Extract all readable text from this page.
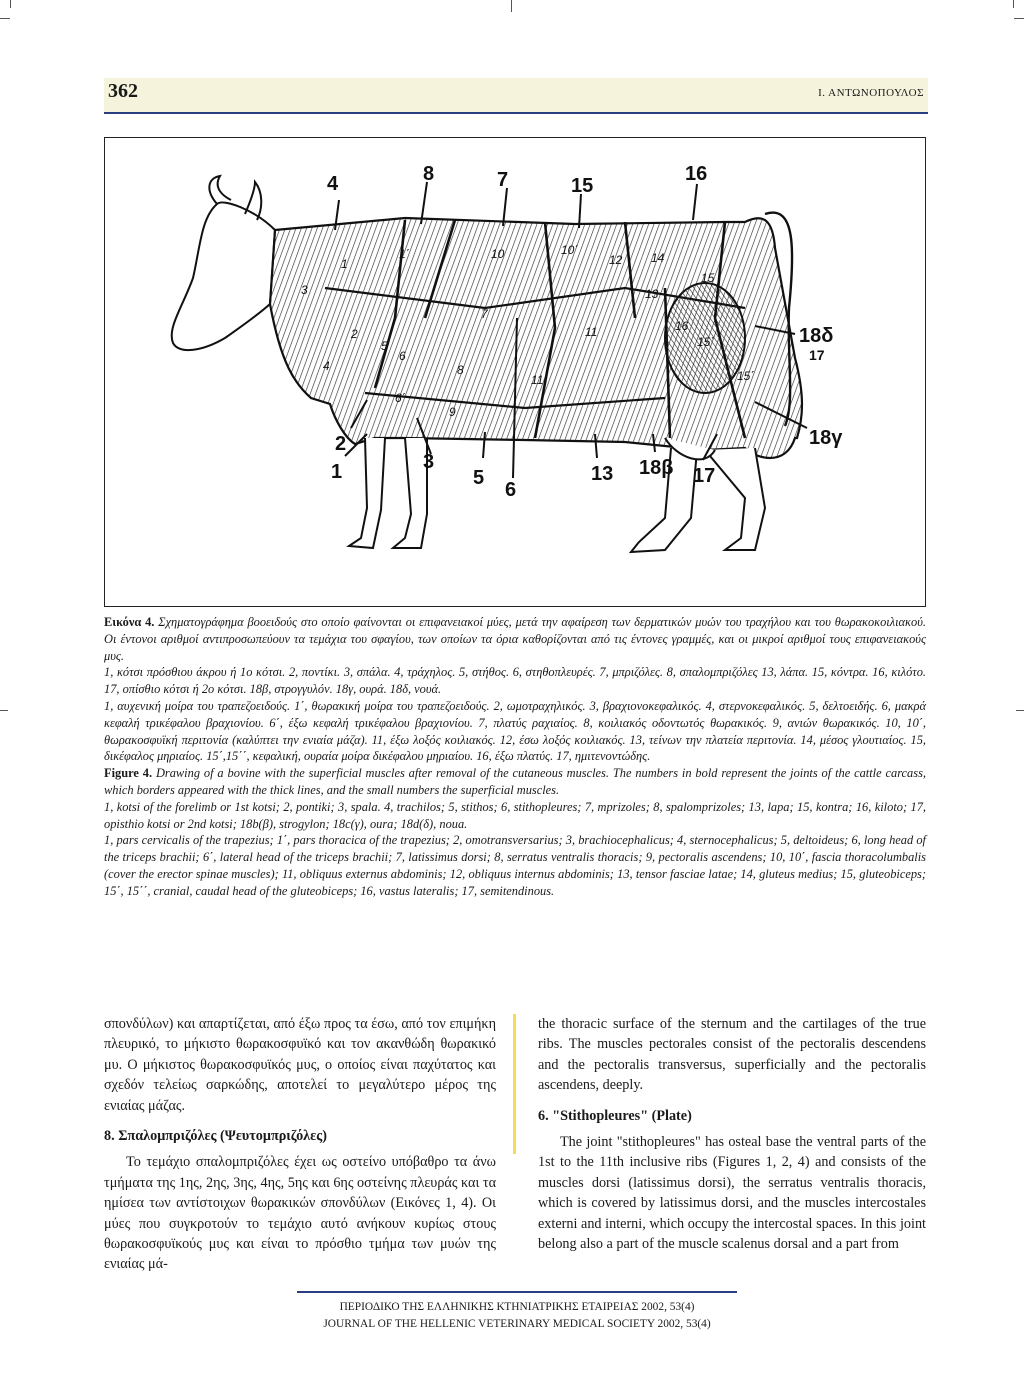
362	Ι. ΑΝΤΩΝΟΠΟΥΛΟΣ
4	8	7	15
16
18δ
17
18γ
2
1	3
5
6
13 18β 17
1
1΄	10	10΄
12 14
15
3	13
7
11	16
15΄
2
5
6
4	8
11
6΄
9
15΄

Εικόνα 4. Σχηματογράφημα βοοειδούς στο οποίο φαίνονται οι επιφανειακοί μύες, μετά την αφαίρεση των δερματικών μυών του τραχήλου και του θωρακοκοιλιακού. Οι έντονοι αριθμοί αντιπροσωπεύουν τα τεμάχια του σφαγίου, των οποίων τα όρια καθορίζονται από τις έντονες γραμμές, και οι μικροί αριθμοί τους επιφανειακούς μυς.

1, κότσι πρόσθιου άκρου ή 1ο κότσι. 2, ποντίκι. 3, σπάλα. 4, τράχηλος. 5, στήθος. 6, στηθοπλευρές. 7, μπριζόλες. 8, σπαλομπριζόλες 13, λάπα. 15, κόντρα. 16, κιλότο. 17, οπίσθιο κότσι ή 2ο κότσι. 18β, στρογγυλόν. 18γ, ουρά. 18δ, νουά.

1, αυχενική μοίρα του τραπεζοειδούς. 1΄, θωρακική μοίρα του τραπεζοειδούς. 2, ωμοτραχηλικός. 3, βραχιονοκεφαλικός. 4, στερνοκεφαλικός. 5, δελτοειδής. 6, μακρά κεφαλή τρικέφαλου βραχιονίου. 6΄, έξω κεφαλή τρικέφαλου βραχιονίου. 7, πλατύς ραχιαίος. 8, κοιλιακός οδοντωτός θωρακικός. 9, ανιών θωρακικός. 10, 10΄, θωρακοσφυϊκή περιτονία (καλύπτει την ενιαία μάζα). 11, έξω λοξός κοιλιακός. 12, έσω λοξός κοιλιακός. 13, τείνων την πλατεία περιτονία. 14, μέσος γλουτιαίος. 15, δικέφαλος μηριαίος. 15΄,15΄΄, κεφαλική, ουραία μοίρα δικέφαλου μηριαίου. 16, έξω πλατύς. 17, ημιτενοντώδης.

Figure 4. Drawing of a bovine with the superficial muscles after removal of the cutaneous muscles. The numbers in bold represent the joints of the cattle carcass, which borders appeared with the thick lines, and the small numbers the superficial muscles.

1, kotsi of the forelimb or 1st kotsi; 2, pontiki; 3, spala. 4, trachilos; 5, stithos; 6, stithopleures; 7, mprizoles; 8, spalomprizoles; 13, lapa; 15, kontra; 16, kiloto; 17, opisthio kotsi or 2nd kotsi; 18b(β), strogylon; 18c(γ), oura; 18d(δ), noua.

1, pars cervicalis of the trapezius; 1΄, pars thoracica of the trapezius; 2, omotransversarius; 3, brachiocephalicus; 4, sternocephalicus; 5, deltoideus; 6, long head of the triceps brachii; 6΄, lateral head of the triceps brachii; 7, latissimus dorsi; 8, serratus ventralis thoracis; 9, pectoralis ascendens; 10, 10΄, fascia thoracolumbalis (cover the erector spinae muscles); 11, obliquus externus abdominis; 12, obliquus internus abdominis; 13, tensor fasciae latae; 14, gluteus medius; 15, gluteobiceps; 15΄, 15΄΄, cranial, caudal head of the gluteobiceps; 16, vastus lateralis; 17, semitendinous.

σπονδύλων) και απαρτίζεται, από έξω προς τα έσω, από τον επιμήκη πλευρικό, το μήκιστο θωρακοσφυϊκό και τον ακανθώδη θωρακικό μυ. Ο μήκιστος θωρακοσφυϊκός μυς, ο οποίος είναι παχύτατος και σχεδόν τελείως σαρκώδης, αποτελεί το μεγαλύτερο μέρος της ενιαίας μάζας.

8. Σπαλομπριζόλες (Ψευτομπριζόλες)

Το τεμάχιο σπαλομπριζόλες έχει ως οστείνο υπόβαθρο τα άνω τμήματα της 1ης, 2ης, 3ης, 4ης, 5ης και 6ης οστείνης πλευράς και τα ημίσεα των αντίστοιχων θωρακικών σπονδύλων (Εικόνες 1, 4). Οι μύες που συγκροτούν το τεμάχιο αυτό ανήκουν κυρίως στους θωρακοσφυϊκούς μυς και είναι το πρόσθιο τμήμα των μυών της ενιαίας μά-

the thoracic surface of the sternum and the cartilages of the true ribs. The muscles pectorales consist of the pectoralis descendens and the pectoralis transversus, superficially and the pectoralis ascendens, deeply.

6. "Stithopleures" (Plate)

The joint "stithopleures" has osteal base the ventral parts of the 1st to the 11th inclusive ribs (Figures 1, 2, 4) and consists of the muscles dorsi (latissimus dorsi), the serratus ventralis thoracis, which is covered by latissimus dorsi, and the muscles intercostales externi and interni, which occupy the intercostal spaces. In this joint belong also a part of the muscle scalenus dorsal and a part from

ΠΕΡΙΟΔΙΚΟ ΤΗΣ ΕΛΛΗΝΙΚΗΣ ΚΤΗΝΙΑΤΡΙΚΗΣ ΕΤΑΙΡΕΙΑΣ 2002, 53(4)
JOURNAL OF THE HELLENIC VETERINARY MEDICAL SOCIETY 2002, 53(4)
